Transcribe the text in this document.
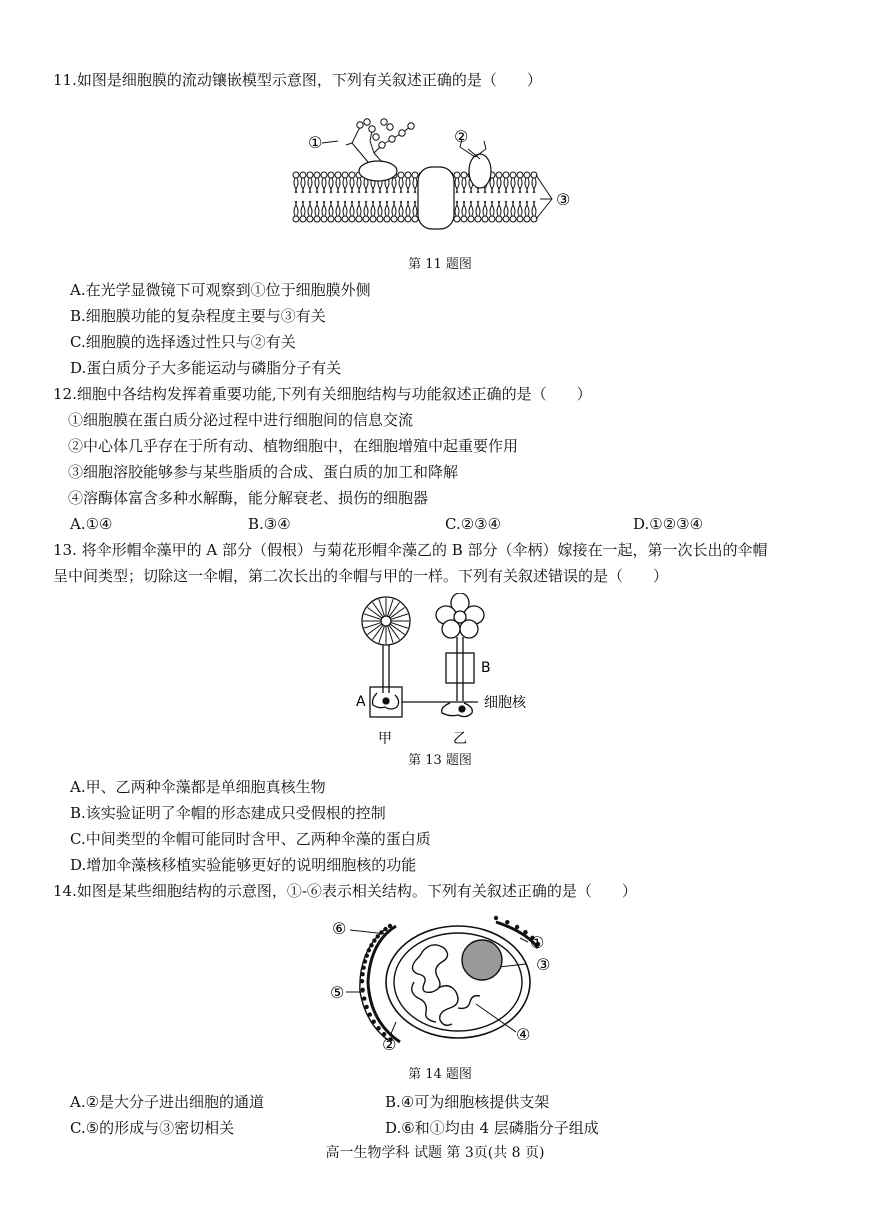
11.如图是细胞膜的流动镶嵌模型示意图，下列有关叙述正确的是（　　）
①	②
③
第 11 题图
A.在光学显微镜下可观察到①位于细胞膜外侧
B.细胞膜功能的复杂程度主要与③有关
C.细胞膜的选择透过性只与②有关
D.蛋白质分子大多能运动与磷脂分子有关
12.细胞中各结构发挥着重要功能,下列有关细胞结构与功能叙述正确的是（　　）
①细胞膜在蛋白质分泌过程中进行细胞间的信息交流
②中心体几乎存在于所有动、植物细胞中，在细胞增殖中起重要作用
③细胞溶胶能够参与某些脂质的合成、蛋白质的加工和降解
④溶酶体富含多种水解酶，能分解衰老、损伤的细胞器
A.①④	B.③④	C.②③④	D.①②③④
13. 将伞形帽伞藻甲的 A 部分（假根）与菊花形帽伞藻乙的 B 部分（伞柄）嫁接在一起，第一次长出的伞帽
呈中间类型；切除这一伞帽，第二次长出的伞帽与甲的一样。下列有关叙述错误的是（　　）
A
B
细胞核
甲	乙
第 13 题图
A.甲、乙两种伞藻都是单细胞真核生物
B.该实验证明了伞帽的形态建成只受假根的控制
C.中间类型的伞帽可能同时含甲、乙两种伞藻的蛋白质
D.增加伞藻核移植实验能够更好的说明细胞核的功能
14.如图是某些细胞结构的示意图，①-⑥表示相关结构。下列有关叙述正确的是（　　）
⑥
①
③
⑤
④
②
第 14 题图
A.②是大分子进出细胞的通道	B.④可为细胞核提供支架
C.⑤的形成与③密切相关	D.⑥和①均由 4 层磷脂分子组成
高一生物学科 试题 第 3页(共 8 页)
